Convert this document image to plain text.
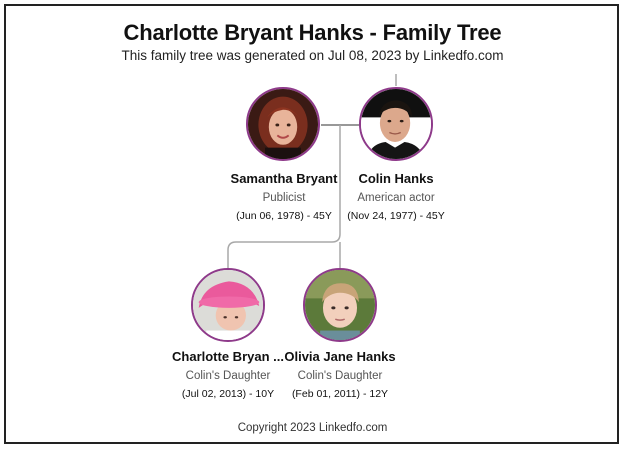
Charlotte Bryant Hanks - Family Tree
This family tree was generated on Jul 08, 2023 by Linkedfo.com
Samantha Bryant
Publicist
(Jun 06, 1978) - 45Y
Colin Hanks
American actor
(Nov 24, 1977) - 45Y
Charlotte Bryan ...
Colin's Daughter
(Jul 02, 2013) - 10Y
Olivia Jane Hanks
Colin's Daughter
(Feb 01, 2011) - 12Y
Copyright 2023 Linkedfo.com
